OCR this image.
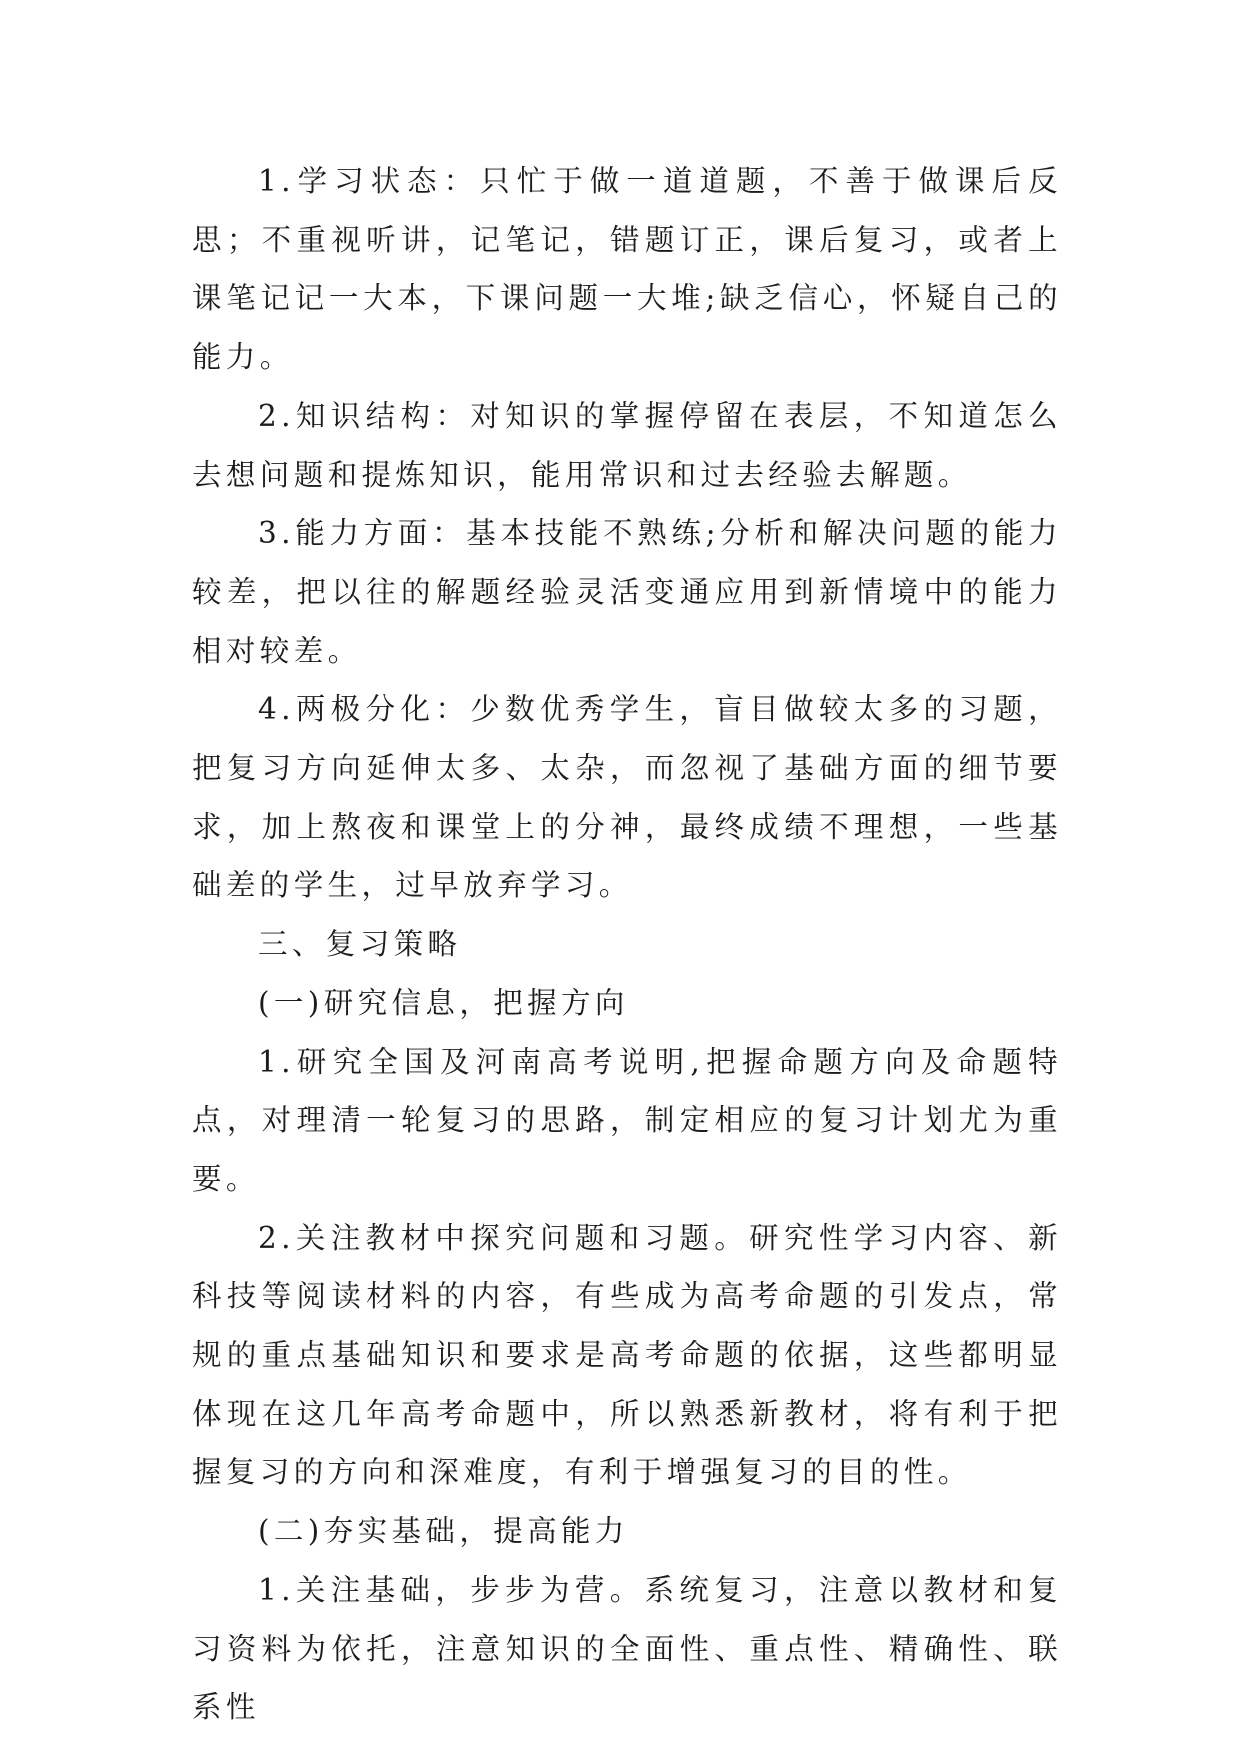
1.学习状态：只忙于做一道道题，不善于做课后反思；不重视听讲，记笔记，错题订正，课后复习，或者上课笔记记一大本，下课问题一大堆;缺乏信心，怀疑自己的能力。

2.知识结构：对知识的掌握停留在表层，不知道怎么去想问题和提炼知识，能用常识和过去经验去解题。

3.能力方面：基本技能不熟练;分析和解决问题的能力较差，把以往的解题经验灵活变通应用到新情境中的能力相对较差。

4.两极分化：少数优秀学生，盲目做较太多的习题，把复习方向延伸太多、太杂，而忽视了基础方面的细节要求，加上熬夜和课堂上的分神，最终成绩不理想，一些基础差的学生，过早放弃学习。

三、复习策略

(一)研究信息，把握方向

1.研究全国及河南高考说明,把握命题方向及命题特点，对理清一轮复习的思路，制定相应的复习计划尤为重要。

2.关注教材中探究问题和习题。研究性学习内容、新科技等阅读材料的内容，有些成为高考命题的引发点，常规的重点基础知识和要求是高考命题的依据，这些都明显体现在这几年高考命题中，所以熟悉新教材，将有利于把握复习的方向和深难度，有利于增强复习的目的性。

(二)夯实基础，提高能力

1.关注基础，步步为营。系统复习，注意以教材和复习资料为依托，注意知识的全面性、重点性、精确性、联系性
